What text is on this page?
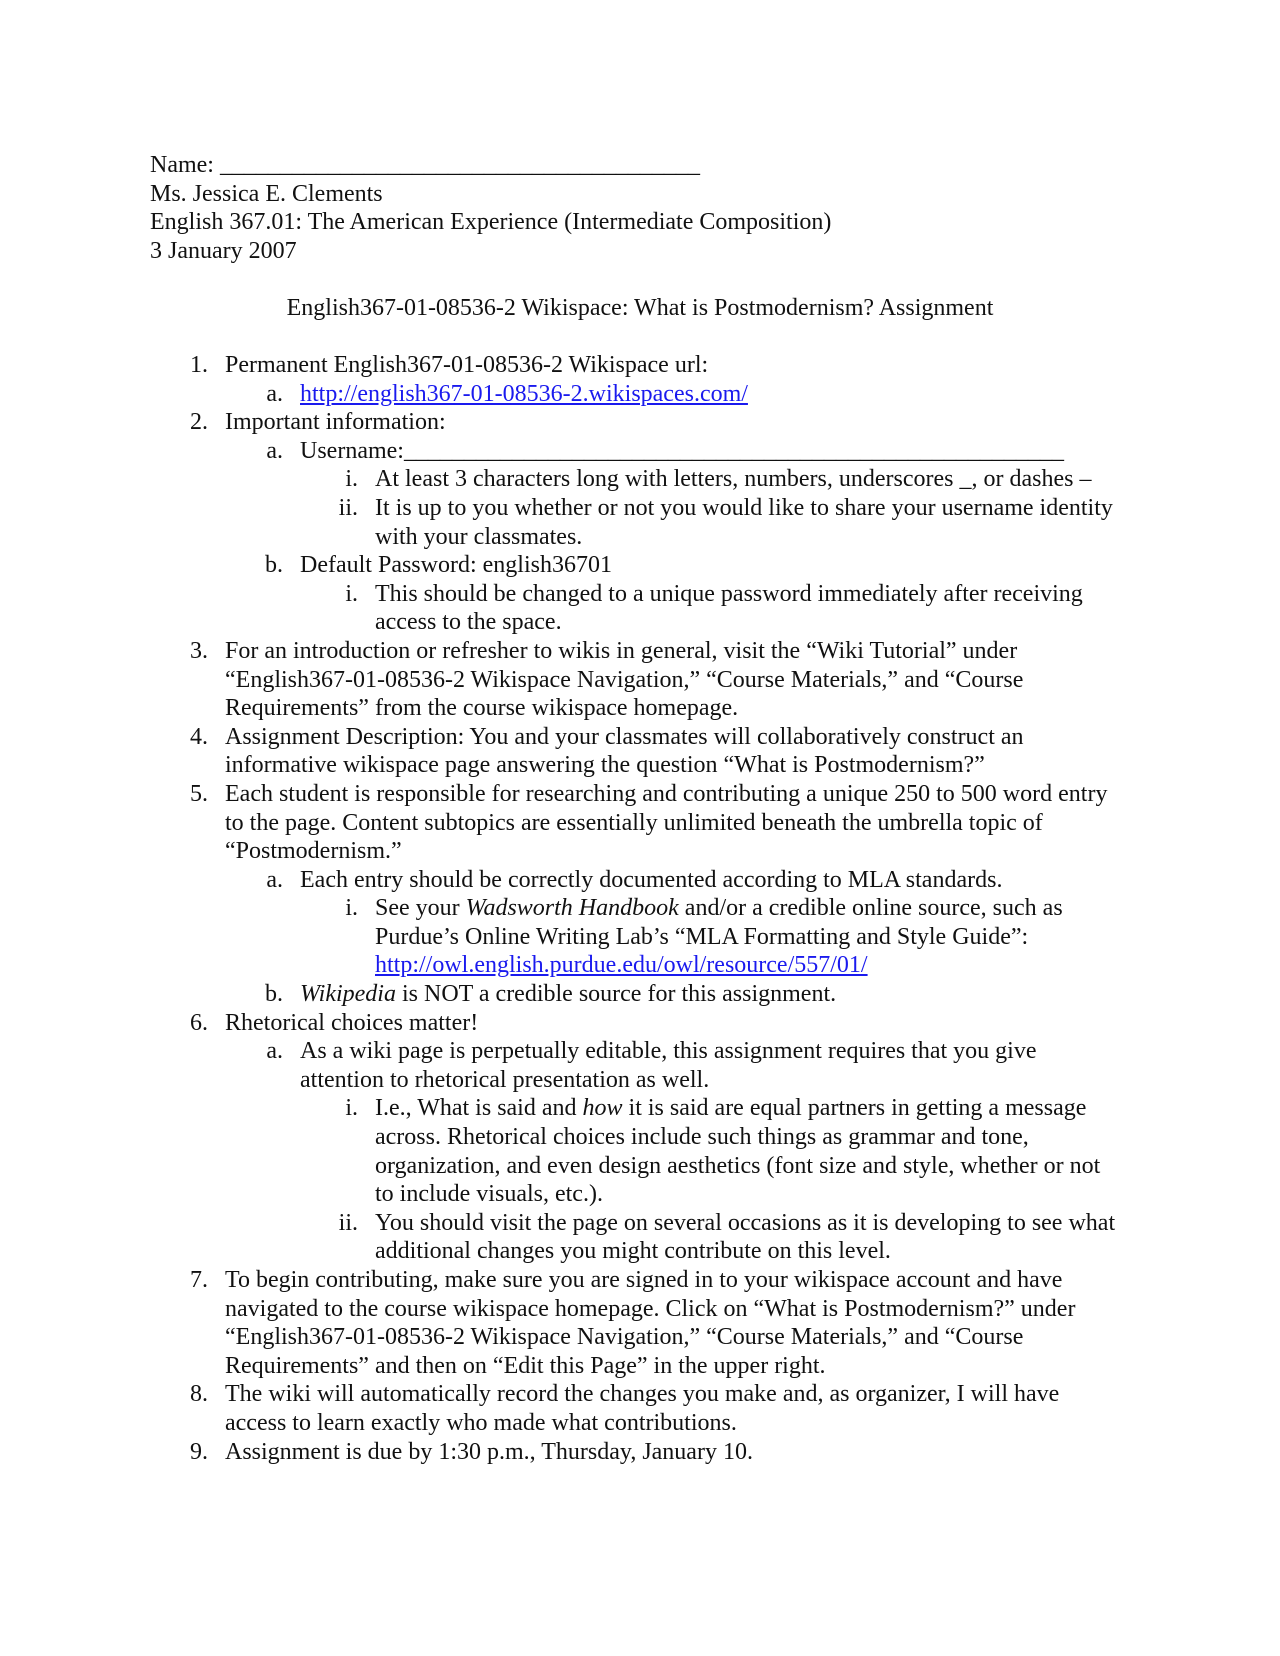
Name: ________________________________________
Ms. Jessica E. Clements
English 367.01: The American Experience (Intermediate Composition)
3 January 2007
English367-01-08536-2 Wikispace: What is Postmodernism? Assignment
1. Permanent English367-01-08536-2 Wikispace url:
a. http://english367-01-08536-2.wikispaces.com/
2. Important information:
a. Username:_______________________________________________________
i. At least 3 characters long with letters, numbers, underscores _, or dashes –
ii. It is up to you whether or not you would like to share your username identity with your classmates.
b. Default Password: english36701
i. This should be changed to a unique password immediately after receiving access to the space.
3. For an introduction or refresher to wikis in general, visit the “Wiki Tutorial” under “English367-01-08536-2 Wikispace Navigation,” “Course Materials,” and “Course Requirements” from the course wikispace homepage.
4. Assignment Description: You and your classmates will collaboratively construct an informative wikispace page answering the question “What is Postmodernism?”
5. Each student is responsible for researching and contributing a unique 250 to 500 word entry to the page. Content subtopics are essentially unlimited beneath the umbrella topic of “Postmodernism.”
a. Each entry should be correctly documented according to MLA standards.
i. See your Wadsworth Handbook and/or a credible online source, such as Purdue’s Online Writing Lab’s “MLA Formatting and Style Guide”:
http://owl.english.purdue.edu/owl/resource/557/01/
b. Wikipedia is NOT a credible source for this assignment.
6. Rhetorical choices matter!
a. As a wiki page is perpetually editable, this assignment requires that you give attention to rhetorical presentation as well.
i. I.e., What is said and how it is said are equal partners in getting a message across. Rhetorical choices include such things as grammar and tone, organization, and even design aesthetics (font size and style, whether or not to include visuals, etc.).
ii. You should visit the page on several occasions as it is developing to see what additional changes you might contribute on this level.
7. To begin contributing, make sure you are signed in to your wikispace account and have navigated to the course wikispace homepage. Click on “What is Postmodernism?” under “English367-01-08536-2 Wikispace Navigation,” “Course Materials,” and “Course Requirements” and then on “Edit this Page” in the upper right.
8. The wiki will automatically record the changes you make and, as organizer, I will have access to learn exactly who made what contributions.
9. Assignment is due by 1:30 p.m., Thursday, January 10.
